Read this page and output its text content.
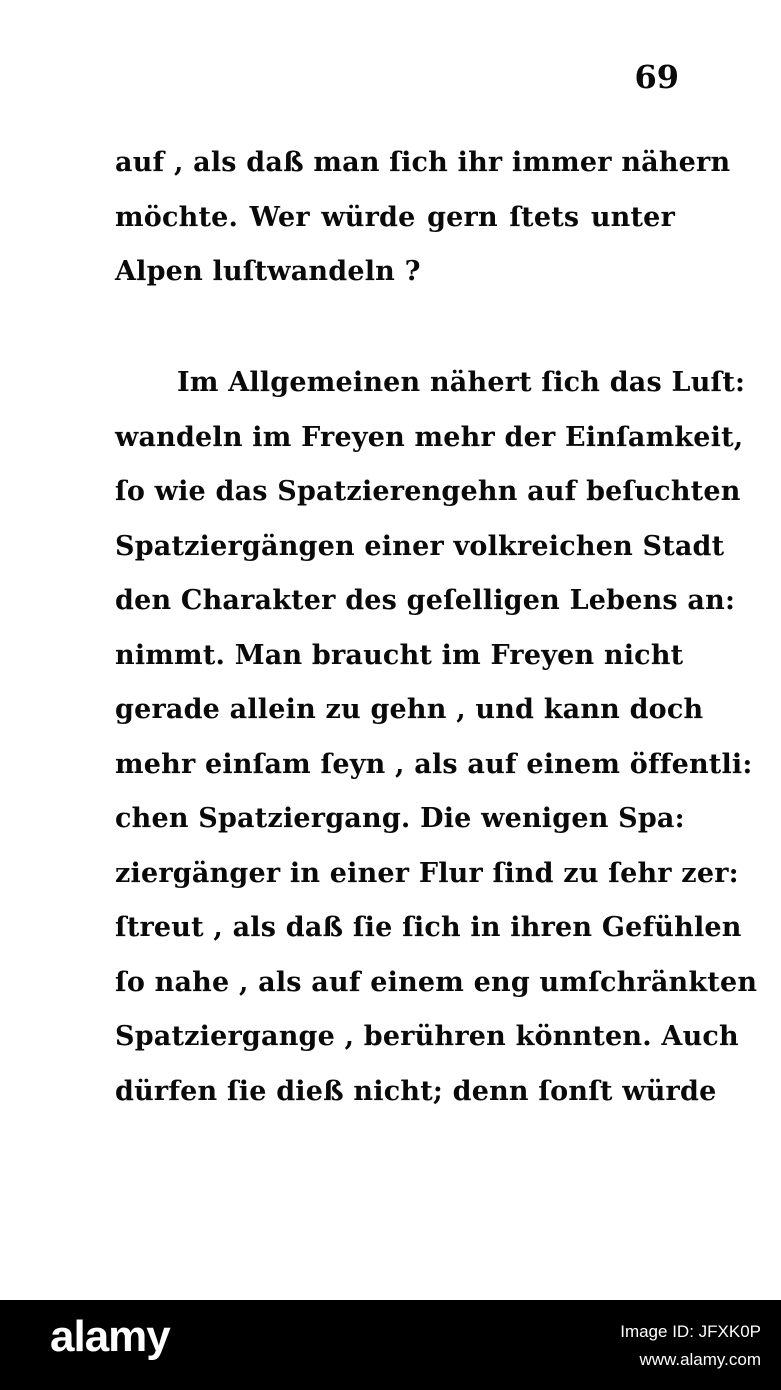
69
auf , als daß man ſich ihr immer nähern
möchte. Wer würde gern ſtets unter
Alpen luſtwandeln ?
Im Allgemeinen nähert ſich das Luſt:
wandeln im Freyen mehr der Einſamkeit,
ſo wie das Spatzierengehn auf beſuchten
Spatziergängen einer volkreichen Stadt
den Charakter des geſelligen Lebens an:
nimmt. Man braucht im Freyen nicht
gerade allein zu gehn , und kann doch
mehr einſam ſeyn , als auf einem öffentli:
chen Spatziergang. Die wenigen Spa:
ziergänger in einer Flur ſind zu ſehr zer:
ſtreut , als daß ſie ſich in ihren Gefühlen
ſo nahe , als auf einem eng umſchränkten
Spatziergange , berühren könnten. Auch
dürfen ſie dieß nicht; denn ſonſt würde
alamy	Image ID: JFXK0P
www.alamy.com
